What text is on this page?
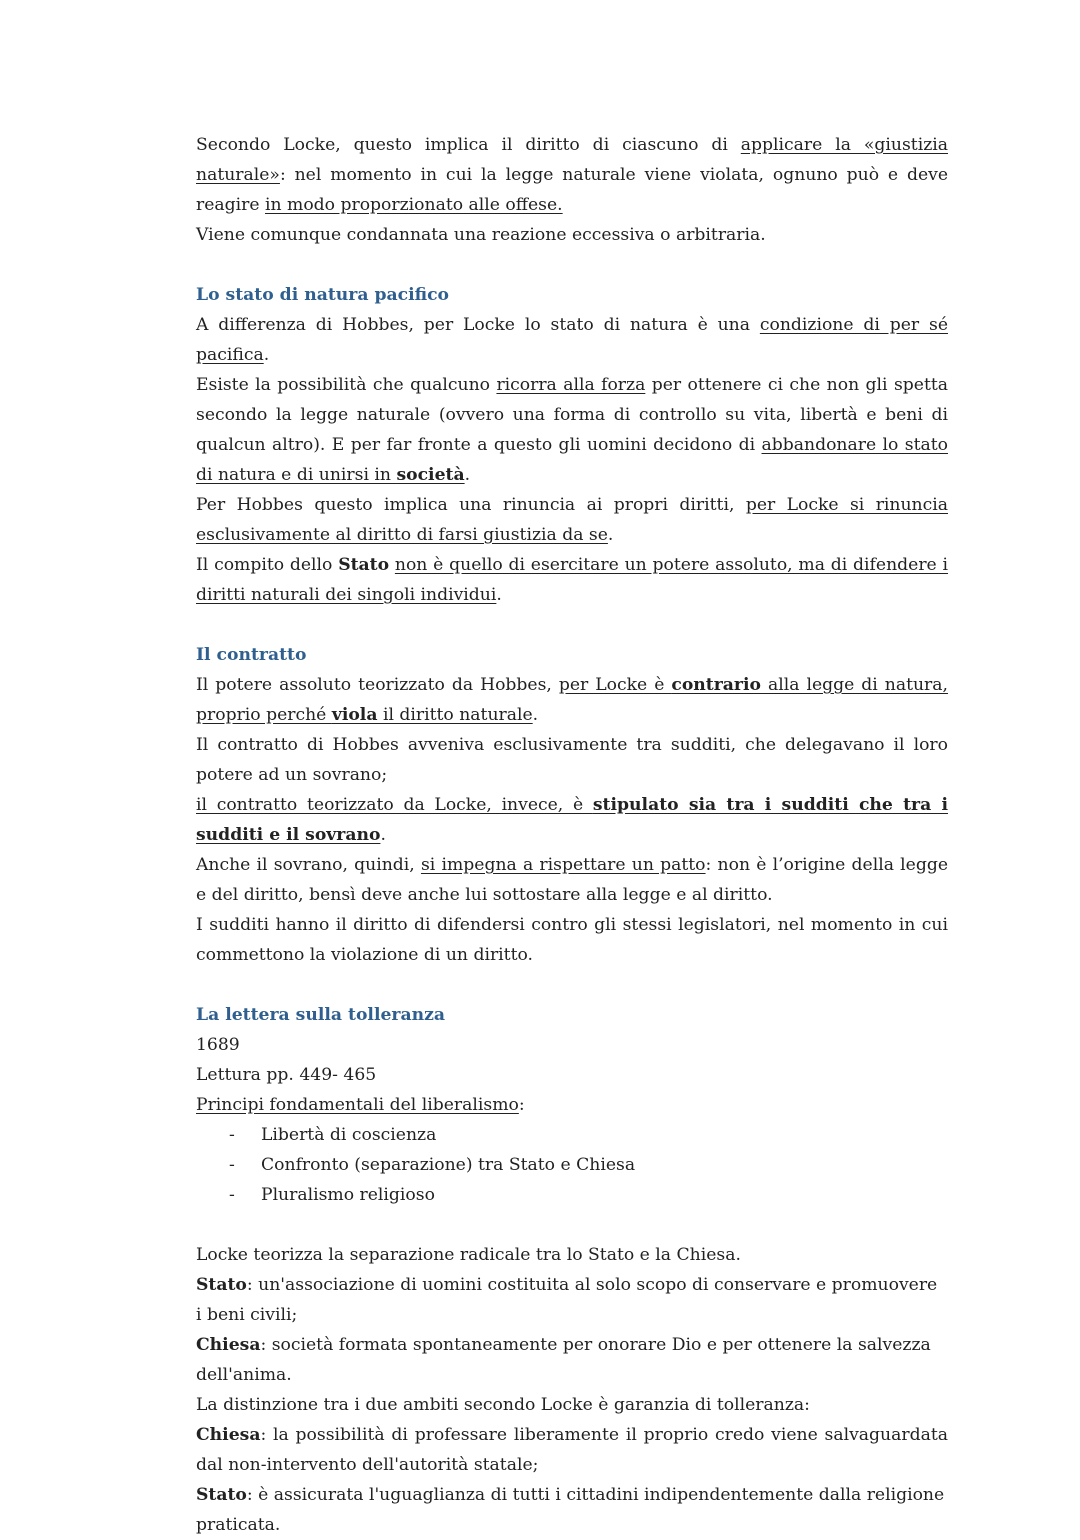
Secondo Locke, questo implica il diritto di ciascuno di applicare la «giustizia naturale»: nel momento in cui la legge naturale viene violata, ognuno può e deve reagire in modo proporzionato alle offese.

Viene comunque condannata una reazione eccessiva o arbitraria.

Lo stato di natura pacifico

A differenza di Hobbes, per Locke lo stato di natura è una condizione di per sé pacifica.

Esiste la possibilità che qualcuno ricorra alla forza per ottenere ci che non gli spetta secondo la legge naturale (ovvero una forma di controllo su vita, libertà e beni di qualcun altro). E per far fronte a questo gli uomini decidono di abbandonare lo stato di natura e di unirsi in società.

Per Hobbes questo implica una rinuncia ai propri diritti, per Locke si rinuncia esclusivamente al diritto di farsi giustizia da se.

Il compito dello Stato non è quello di esercitare un potere assoluto, ma di difendere i diritti naturali dei singoli individui.

Il contratto

Il potere assoluto teorizzato da Hobbes, per Locke è contrario alla legge di natura, proprio perché viola il diritto naturale.

Il contratto di Hobbes avveniva esclusivamente tra sudditi, che delegavano il loro potere ad un sovrano;

il contratto teorizzato da Locke, invece, è stipulato sia tra i sudditi che tra i sudditi e il sovrano.

Anche il sovrano, quindi, si impegna a rispettare un patto: non è l’origine della legge e del diritto, bensì deve anche lui sottostare alla legge e al diritto.

I sudditi hanno il diritto di difendersi contro gli stessi legislatori, nel momento in cui commettono la violazione di un diritto.

La lettera sulla tolleranza

1689

Lettura pp. 449- 465

Principi fondamentali del liberalismo:

- Libertà di coscienza
- Confronto (separazione) tra Stato e Chiesa
- Pluralismo religioso

Locke teorizza la separazione radicale tra lo Stato e la Chiesa.

Stato: un'associazione di uomini costituita al solo scopo di conservare e promuovere i beni civili;

Chiesa: società formata spontaneamente per onorare Dio e per ottenere la salvezza dell'anima.

La distinzione tra i due ambiti secondo Locke è garanzia di tolleranza:

Chiesa: la possibilità di professare liberamente il proprio credo viene salvaguardata dal non-intervento dell'autorità statale;

Stato: è assicurata l'uguaglianza di tutti i cittadini indipendentemente dalla religione praticata.
